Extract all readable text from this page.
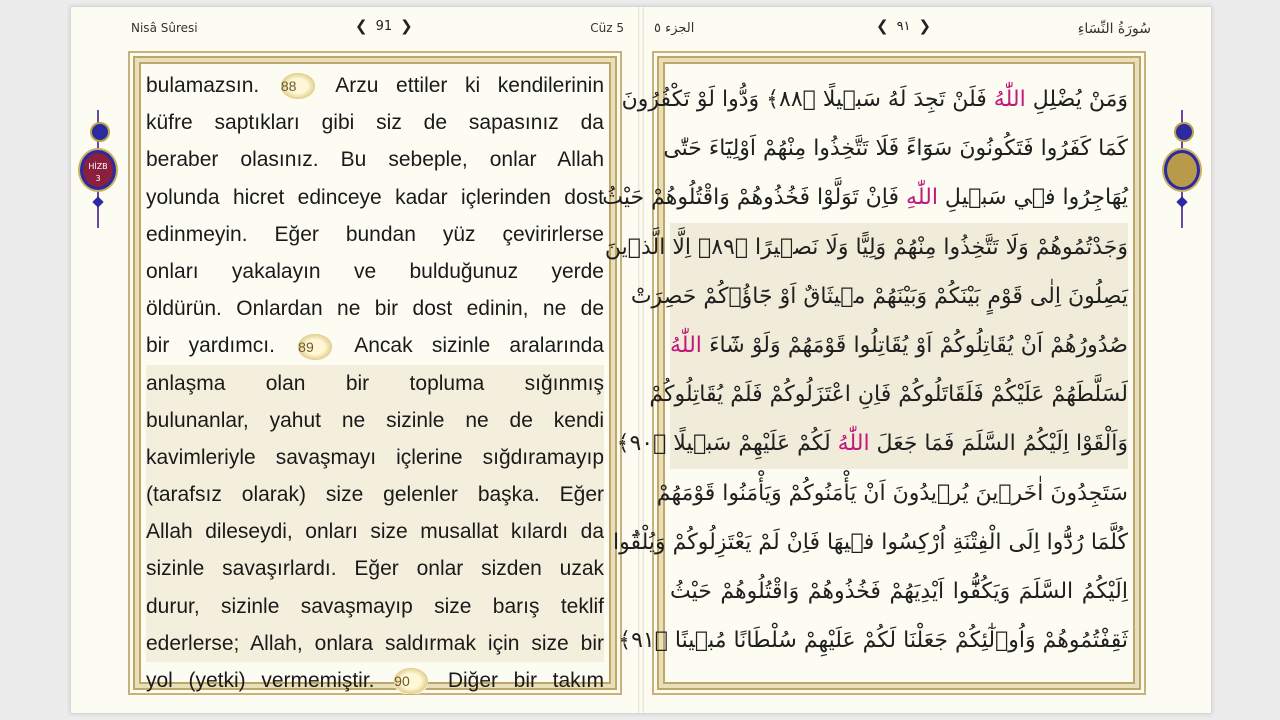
Nisâ Sûresi	❮ 91 ❯	Cüz 5
bulamazsın. 88 Arzu ettiler ki kendilerinin
küfre saptıkları gibi siz de sapasınız da
beraber olasınız. Bu sebeple, onlar Allah
yolunda hicret edinceye kadar içlerinden dost
edinmeyin. Eğer bundan yüz çevirirlerse
onları yakalayın ve bulduğunuz yerde
öldürün. Onlardan ne bir dost edinin, ne de
bir yardımcı. 89 Ancak sizinle aralarında
anlaşma olan bir topluma sığınmış
bulunanlar, yahut ne sizinle ne de kendi
kavimleriyle savaşmayı içlerine sığdıramayıp
(tarafsız olarak) size gelenler başka. Eğer
Allah dileseydi, onları size musallat kılardı da
sizinle savaşırlardı. Eğer onlar sizden uzak
durur, sizinle savaşmayıp size barış teklif
ederlerse; Allah, onlara saldırmak için size bir
yol (yetki) vermemiştir. 90 Diğer bir takım
الجزء ٥	❮ ٩١ ❯	سُورَةُ النِّسَاءِ
وَمَنْ يُضْلِلِ اللّٰهُ فَلَنْ تَجِدَ لَهُ سَبٖيلًا ﴿٨٨﴾ وَدُّوا لَوْ تَكْفُرُونَ
كَمَا كَفَرُوا فَتَكُونُونَ سَوَٓاءً فَلَا تَتَّخِذُوا مِنْهُمْ اَوْلِيَٓاءَ حَتّٰى
يُهَاجِرُوا فٖي سَبٖيلِ اللّٰهِ فَاِنْ تَوَلَّوْا فَخُذُوهُمْ وَاقْتُلُوهُمْ حَيْثُ
وَجَدْتُمُوهُمْ وَلَا تَتَّخِذُوا مِنْهُمْ وَلِيًّا وَلَا نَصٖيرًا ﴿٨٩﴾ اِلَّا الَّذٖينَ
يَصِلُونَ اِلٰى قَوْمٍ بَيْنَكُمْ وَبَيْنَهُمْ مٖيثَاقٌ اَوْ جَٓاؤُ۫كُمْ حَصِرَتْ
صُدُورُهُمْ اَنْ يُقَاتِلُوكُمْ اَوْ يُقَاتِلُوا قَوْمَهُمْ وَلَوْ شَٓاءَ اللّٰهُ
لَسَلَّطَهُمْ عَلَيْكُمْ فَلَقَاتَلُوكُمْ فَاِنِ اعْتَزَلُوكُمْ فَلَمْ يُقَاتِلُوكُمْ
وَاَلْقَوْا اِلَيْكُمُ السَّلَمَ فَمَا جَعَلَ اللّٰهُ لَكُمْ عَلَيْهِمْ سَبٖيلًا ﴿٩٠﴾
سَتَجِدُونَ اٰخَرٖينَ يُرٖيدُونَ اَنْ يَأْمَنُوكُمْ وَيَأْمَنُوا قَوْمَهُمْ
كُلَّمَا رُدُّٓوا اِلَى الْفِتْنَةِ اُرْكِسُوا فٖيهَا فَاِنْ لَمْ يَعْتَزِلُوكُمْ وَيُلْقُٓوا
اِلَيْكُمُ السَّلَمَ وَيَكُفُّٓوا اَيْدِيَهُمْ فَخُذُوهُمْ وَاقْتُلُوهُمْ حَيْثُ
ثَقِفْتُمُوهُمْ وَاُو۬لٰٓئِكُمْ جَعَلْنَا لَكُمْ عَلَيْهِمْ سُلْطَانًا مُبٖينًا ﴿٩١﴾
HİZB
3
